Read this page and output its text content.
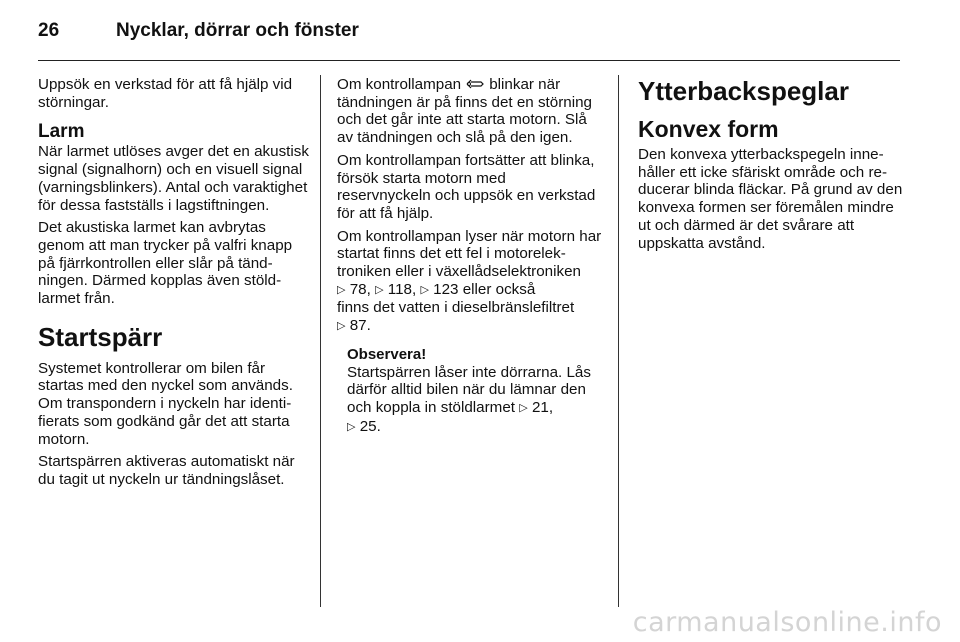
26	Nycklar, dörrar och fönster

Uppsök en verkstad för att få hjälp vid störningar.

Larm

När larmet utlöses avger det en akustisk signal (signalhorn) och en visuell signal (varningsblinkers). Antal och varaktighet för dessa fastställs i lagstiftningen.

Det akustiska larmet kan avbrytas genom att man trycker på valfri knapp på fjärrkontrollen eller slår på tändningen. Därmed kopplas även stöldlarmet från.

Startspärr

Systemet kontrollerar om bilen får startas med den nyckel som används. Om transpondern i nyckeln har identifierats som godkänd går det att starta motorn.

Startspärren aktiveras automatiskt när du tagit ut nyckeln ur tändningslåset.

Om kontrollampan blinkar när tändningen är på finns det en störning och det går inte att starta motorn. Slå av tändningen och slå på den igen.

Om kontrollampan fortsätter att blinka, försök starta motorn med reservnyckeln och uppsök en verkstad för att få hjälp.

Om kontrollampan lyser när motorn har startat finns det ett fel i motorelektroniken eller i växellådselektroniken
▷ 78, ▷ 118, ▷ 123 eller också
finns det vatten i dieselbränslefiltret
▷ 87.

Observera!
Startspärren låser inte dörrarna. Lås därför alltid bilen när du lämnar den och koppla in stöldlarmet ▷ 21,
▷ 25.
Ytterbackspeglar
Konvex form

Den konvexa ytterbackspegeln innehåller ett icke sfäriskt område och reducerar blinda fläckar. På grund av den konvexa formen ser föremålen mindre ut och därmed är det svårare att uppskatta avstånd.

carmanualsonline.info
